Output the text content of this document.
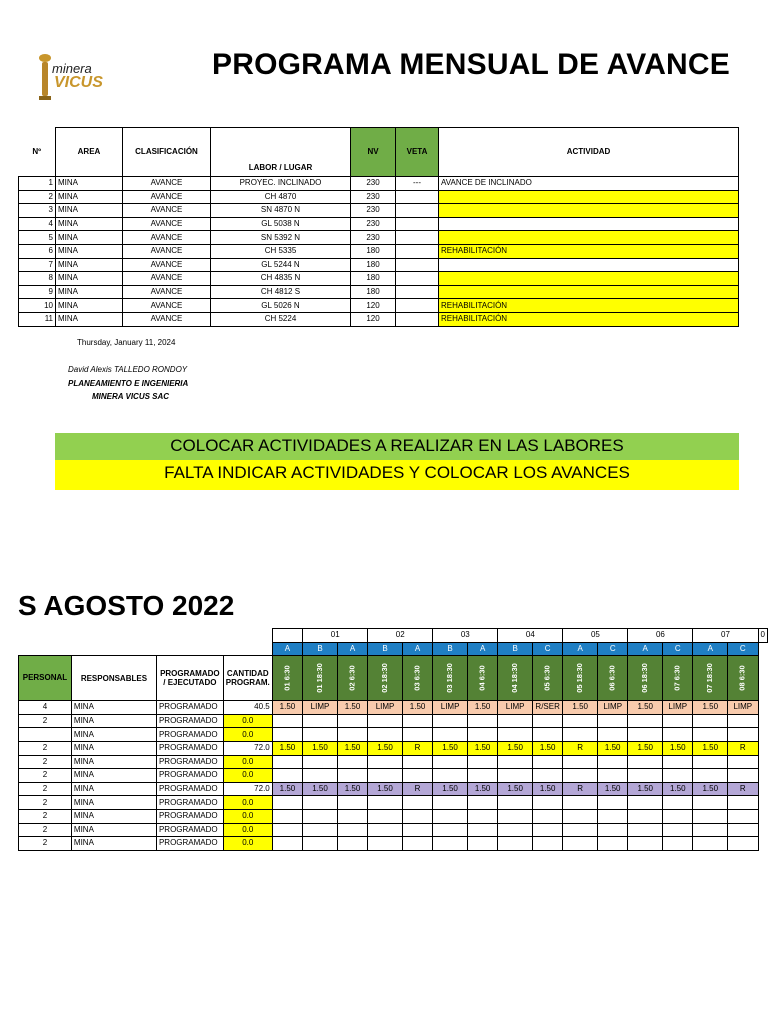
minera
VICUS
PROGRAMA MENSUAL DE AVANCE
Nº	AREA	CLASIFICACIÓN	LABOR / LUGAR	NV	VETA	ACTIVIDAD
1	MINA	AVANCE	PROYEC. INCLINADO	230	---	AVANCE DE INCLINADO
2	MINA	AVANCE	CH 4870	230		
3	MINA	AVANCE	SN 4870 N	230		
4	MINA	AVANCE	GL 5038 N	230		
5	MINA	AVANCE	SN 5392 N	230		
6	MINA	AVANCE	CH 5335	180		REHABILITACIÓN
7	MINA	AVANCE	GL 5244 N	180		
8	MINA	AVANCE	CH 4835 N	180		
9	MINA	AVANCE	CH 4812 S	180		
10	MINA	AVANCE	GL 5026 N	120		REHABILITACIÓN
11	MINA	AVANCE	CH 5224	120		REHABILITACIÓN
Thursday, January 11, 2024
David Alexis TALLEDO RONDOY
PLANEAMIENTO E INGENIERIA
MINERA VICUS SAC
COLOCAR ACTIVIDADES A REALIZAR EN LAS LABORES
FALTA INDICAR ACTIVIDADES Y COLOCAR LOS AVANCES
S AGOSTO 2022
					01		02		03		04		05		06		07		0
				A	B	A	B	A	B	A	B	C	A	C	A	C	A	C	
PERSONAL	RESPONSABLES	PROGRAMADO / EJECUTADO	CANTIDAD PROGRAM.	01 6:30	01 18:30	02 6:30	02 18:30	03 6:30	03 18:30	04 6:30	04 18:30	05 6:30	05 18:30	06 6:30	06 18:30	07 6:30	07 18:30	08 6:30	
4	MINA	PROGRAMADO	40.5	1.50	LIMP	1.50	LIMP	1.50	LIMP	1.50	LIMP	R/SER	1.50	LIMP	1.50	LIMP	1.50	LIMP	
2	MINA	PROGRAMADO	0.0																
	MINA	PROGRAMADO	0.0																
2	MINA	PROGRAMADO	72.0	1.50	1.50	1.50	1.50	R	1.50	1.50	1.50	1.50	R	1.50	1.50	1.50	1.50	R	
2	MINA	PROGRAMADO	0.0																
2	MINA	PROGRAMADO	0.0																
2	MINA	PROGRAMADO	72.0	1.50	1.50	1.50	1.50	R	1.50	1.50	1.50	1.50	R	1.50	1.50	1.50	1.50	R	
2	MINA	PROGRAMADO	0.0																
2	MINA	PROGRAMADO	0.0																
2	MINA	PROGRAMADO	0.0																
2	MINA	PROGRAMADO	0.0																
